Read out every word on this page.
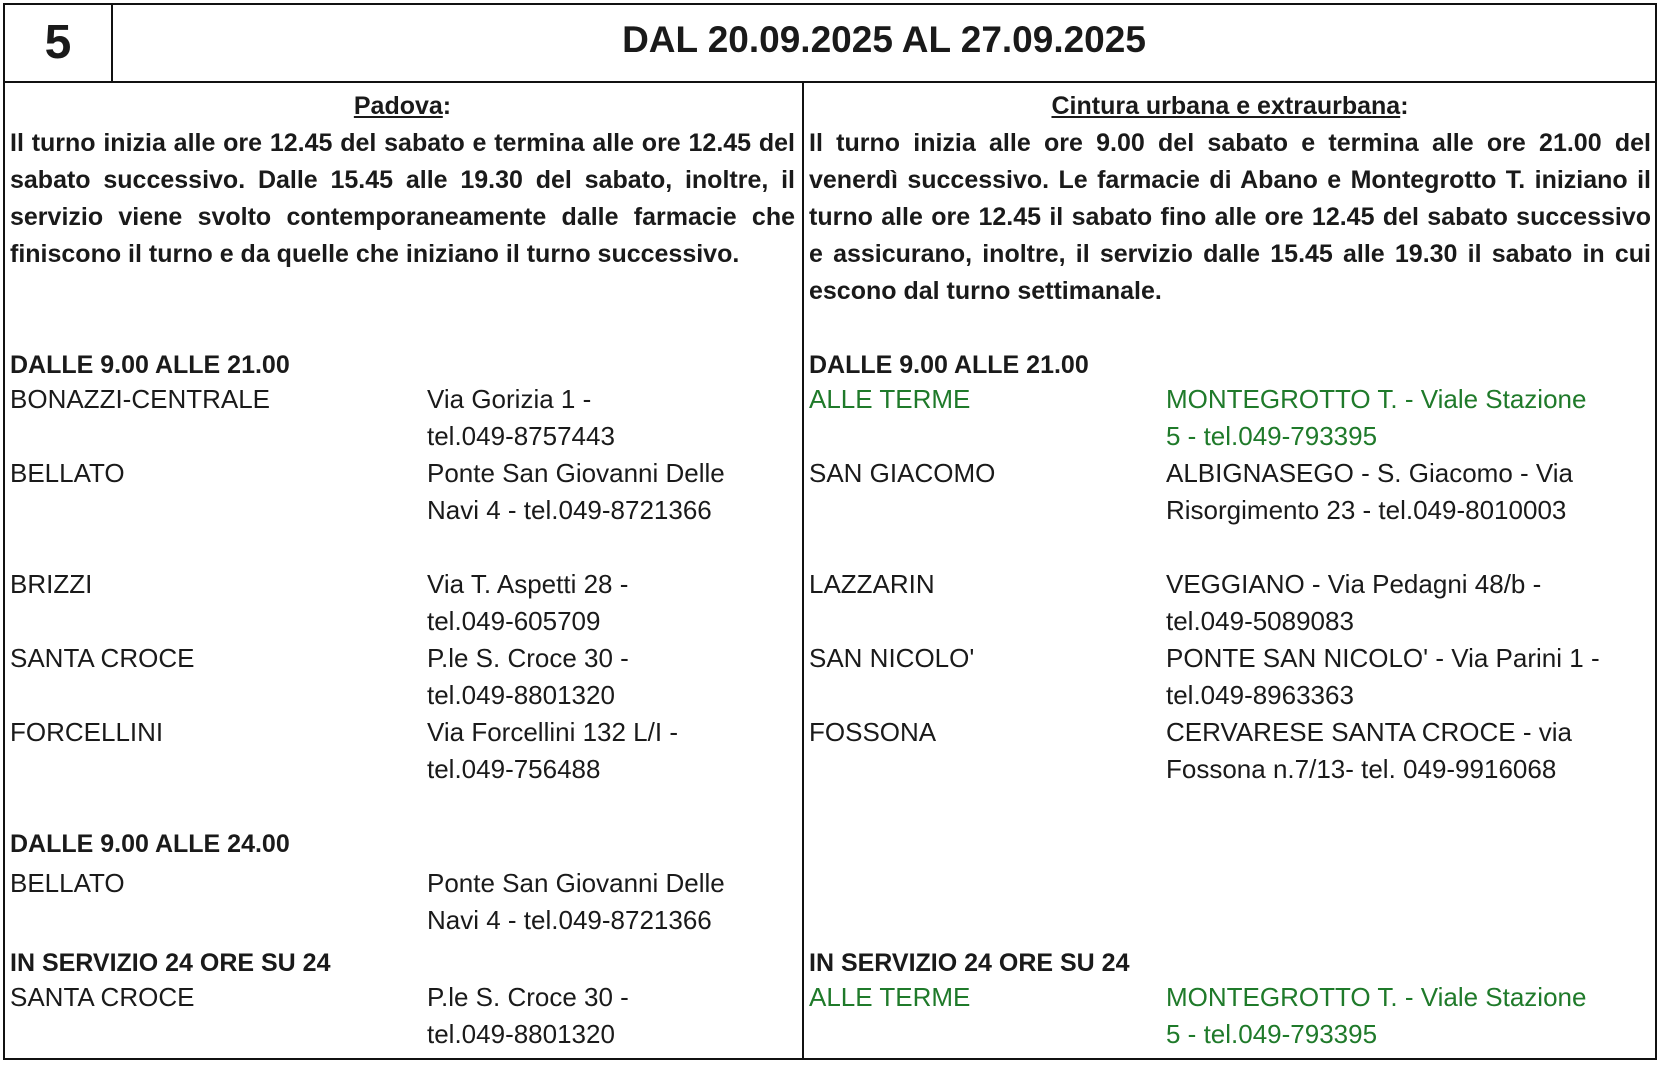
5	DAL 20.09.2025 AL 27.09.2025
Padova:
Il turno inizia alle ore 12.45 del sabato e termina alle ore 12.45 del sabato successivo. Dalle 15.45 alle 19.30 del sabato, inoltre, il servizio viene svolto contemporaneamente dalle farmacie che finiscono il turno e da quelle che iniziano il turno successivo.
DALLE 9.00 ALLE 21.00
BONAZZI-CENTRALE	Via Gorizia 1 -
tel.049-8757443
BELLATO	Ponte San Giovanni Delle
Navi 4 - tel.049-8721366
BRIZZI	Via T. Aspetti 28 -
tel.049-605709
SANTA CROCE	P.le S. Croce 30 -
tel.049-8801320
FORCELLINI	Via Forcellini 132 L/I -
tel.049-756488
DALLE 9.00 ALLE 24.00
BELLATO	Ponte San Giovanni Delle
Navi 4 - tel.049-8721366
IN SERVIZIO 24 ORE SU 24
SANTA CROCE	P.le S. Croce 30 -
tel.049-8801320
Cintura urbana e extraurbana:
Il turno inizia alle ore 9.00 del sabato e termina alle ore 21.00 del venerdì successivo. Le farmacie di Abano e Montegrotto T. iniziano il turno alle ore 12.45 il sabato fino alle ore 12.45 del sabato successivo e assicurano, inoltre, il servizio dalle 15.45 alle 19.30 il sabato in cui escono dal turno settimanale.
DALLE 9.00 ALLE 21.00
ALLE TERME	MONTEGROTTO T. - Viale Stazione
5 - tel.049-793395
SAN GIACOMO	ALBIGNASEGO - S. Giacomo - Via
Risorgimento 23 - tel.049-8010003
LAZZARIN	VEGGIANO - Via Pedagni 48/b -
tel.049-5089083
SAN NICOLO'	PONTE SAN NICOLO' - Via Parini 1 -
tel.049-8963363
FOSSONA	CERVARESE SANTA CROCE - via
Fossona n.7/13- tel. 049-9916068
IN SERVIZIO 24 ORE SU 24
ALLE TERME	MONTEGROTTO T. - Viale Stazione
5 - tel.049-793395
